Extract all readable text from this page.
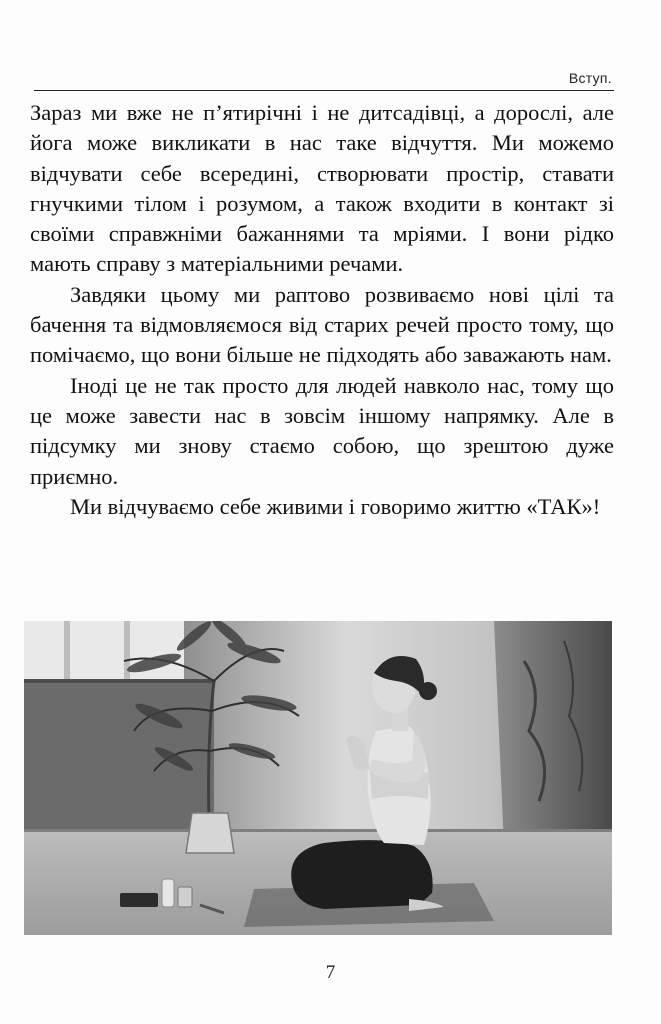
Вступ.

Зараз ми вже не п’ятирічні і не дитсадівці, а дорослі, але йога може викликати в нас таке відчуття. Ми можемо відчувати себе всередині, створювати простір, ставати гнучкими тілом і розумом, а також входити в контакт зі своїми справжніми бажаннями та мріями. І вони рідко мають справу з матеріальними речами.

Завдяки цьому ми раптово розвиваємо нові цілі та бачення та відмовляємося від старих речей просто тому, що помічаємо, що вони більше не підходять або заважають нам.

Іноді це не так просто для людей навколо нас, тому що це може завести нас в зовсім іншому напрямку. Але в підсумку ми знову стаємо собою, що зрештою дуже приємно.

Ми відчуваємо себе живими і говоримо життю «ТАК»!

7
